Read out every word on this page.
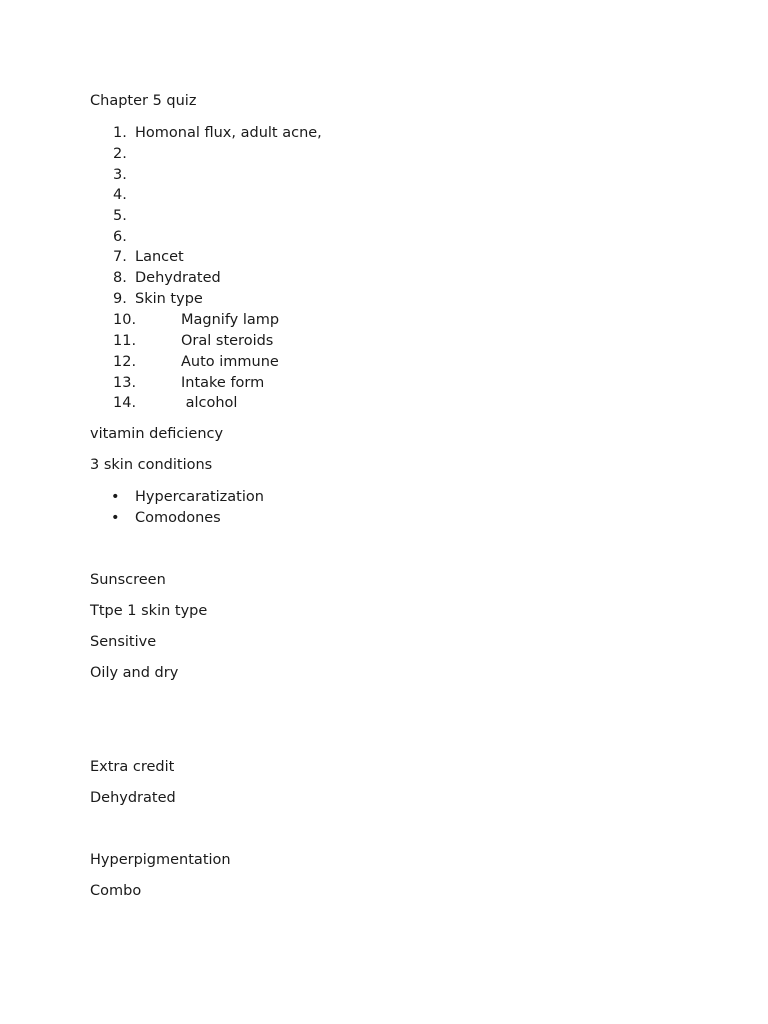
Chapter 5 quiz
1. Homonal flux, adult acne,
2.
3.
4.
5.
6.
7. Lancet
8. Dehydrated
9. Skin type
10.	Magnify lamp
11.	Oral steroids
12.	Auto immune
13.	Intake form
14.	alcohol
vitamin deficiency
3 skin conditions
• Hypercaratization
• Comodones
Sunscreen
Ttpe 1 skin type
Sensitive
Oily and dry
Extra credit
Dehydrated
Hyperpigmentation
Combo
